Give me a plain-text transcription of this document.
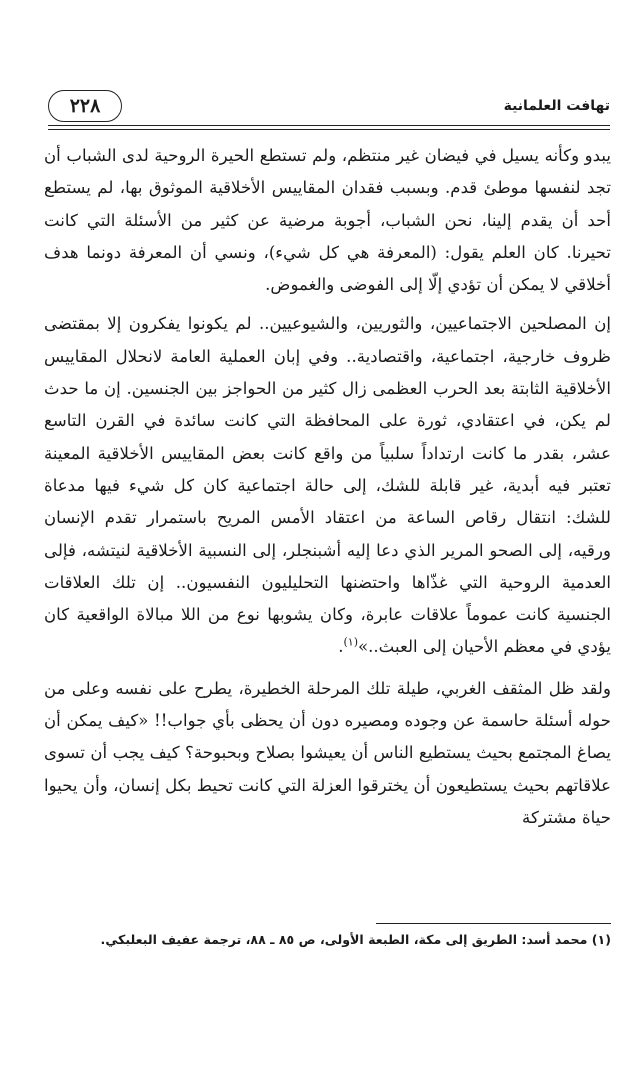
٢٢٨	تهافت العلمانية

يبدو وكأنه يسيل في فيضان غير منتظم، ولم تستطع الحيرة الروحية لدى الشباب أن تجد لنفسها موطئ قدم. وبسبب فقدان المقاييس الأخلاقية الموثوق بها، لم يستطع أحد أن يقدم إلينا، نحن الشباب، أجوبة مرضية عن كثير من الأسئلة التي كانت تحيرنا. كان العلم يقول: (المعرفة هي كل شيء)، ونسي أن المعرفة دونما هدف أخلاقي لا يمكن أن تؤدي إلّا إلى الفوضى والغموض.

إن المصلحين الاجتماعيين، والثوريين، والشيوعيين.. لم يكونوا يفكرون إلا بمقتضى ظروف خارجية، اجتماعية، واقتصادية.. وفي إبان العملية العامة لانحلال المقاييس الأخلاقية الثابتة بعد الحرب العظمى زال كثير من الحواجز بين الجنسين. إن ما حدث لم يكن، في اعتقادي، ثورة على المحافظة التي كانت سائدة في القرن التاسع عشر، بقدر ما كانت ارتداداً سلبياً من واقع كانت بعض المقاييس الأخلاقية المعينة تعتبر فيه أبدية، غير قابلة للشك، إلى حالة اجتماعية كان كل شيء فيها مدعاة للشك: انتقال رقاص الساعة من اعتقاد الأمس المريح باستمرار تقدم الإنسان ورقيه، إلى الصحو المرير الذي دعا إليه أشبنجلر، إلى النسبية الأخلاقية لنيتشه، فإلى العدمية الروحية التي غذّاها واحتضنها التحليليون النفسيون.. إن تلك العلاقات الجنسية كانت عموماً علاقات عابرة، وكان يشوبها نوع من اللا مبالاة الواقعية كان يؤدي في معظم الأحيان إلى العبث..»$^{(١)}$.

ولقد ظل المثقف الغربي، طيلة تلك المرحلة الخطيرة، يطرح على نفسه وعلى من حوله أسئلة حاسمة عن وجوده ومصيره دون أن يحظى بأي جواب!! «كيف يمكن أن يصاغ المجتمع بحيث يستطيع الناس أن يعيشوا بصلاح وبحبوحة؟ كيف يجب أن تسوى علاقاتهم بحيث يستطيعون أن يخترقوا العزلة التي كانت تحيط بكل إنسان، وأن يحيوا حياة مشتركة

(١) محمد أسد: الطريق إلى مكة، الطبعة الأولى، ص ٨٥ ـ ٨٨، ترجمة عفيف البعلبكي.
